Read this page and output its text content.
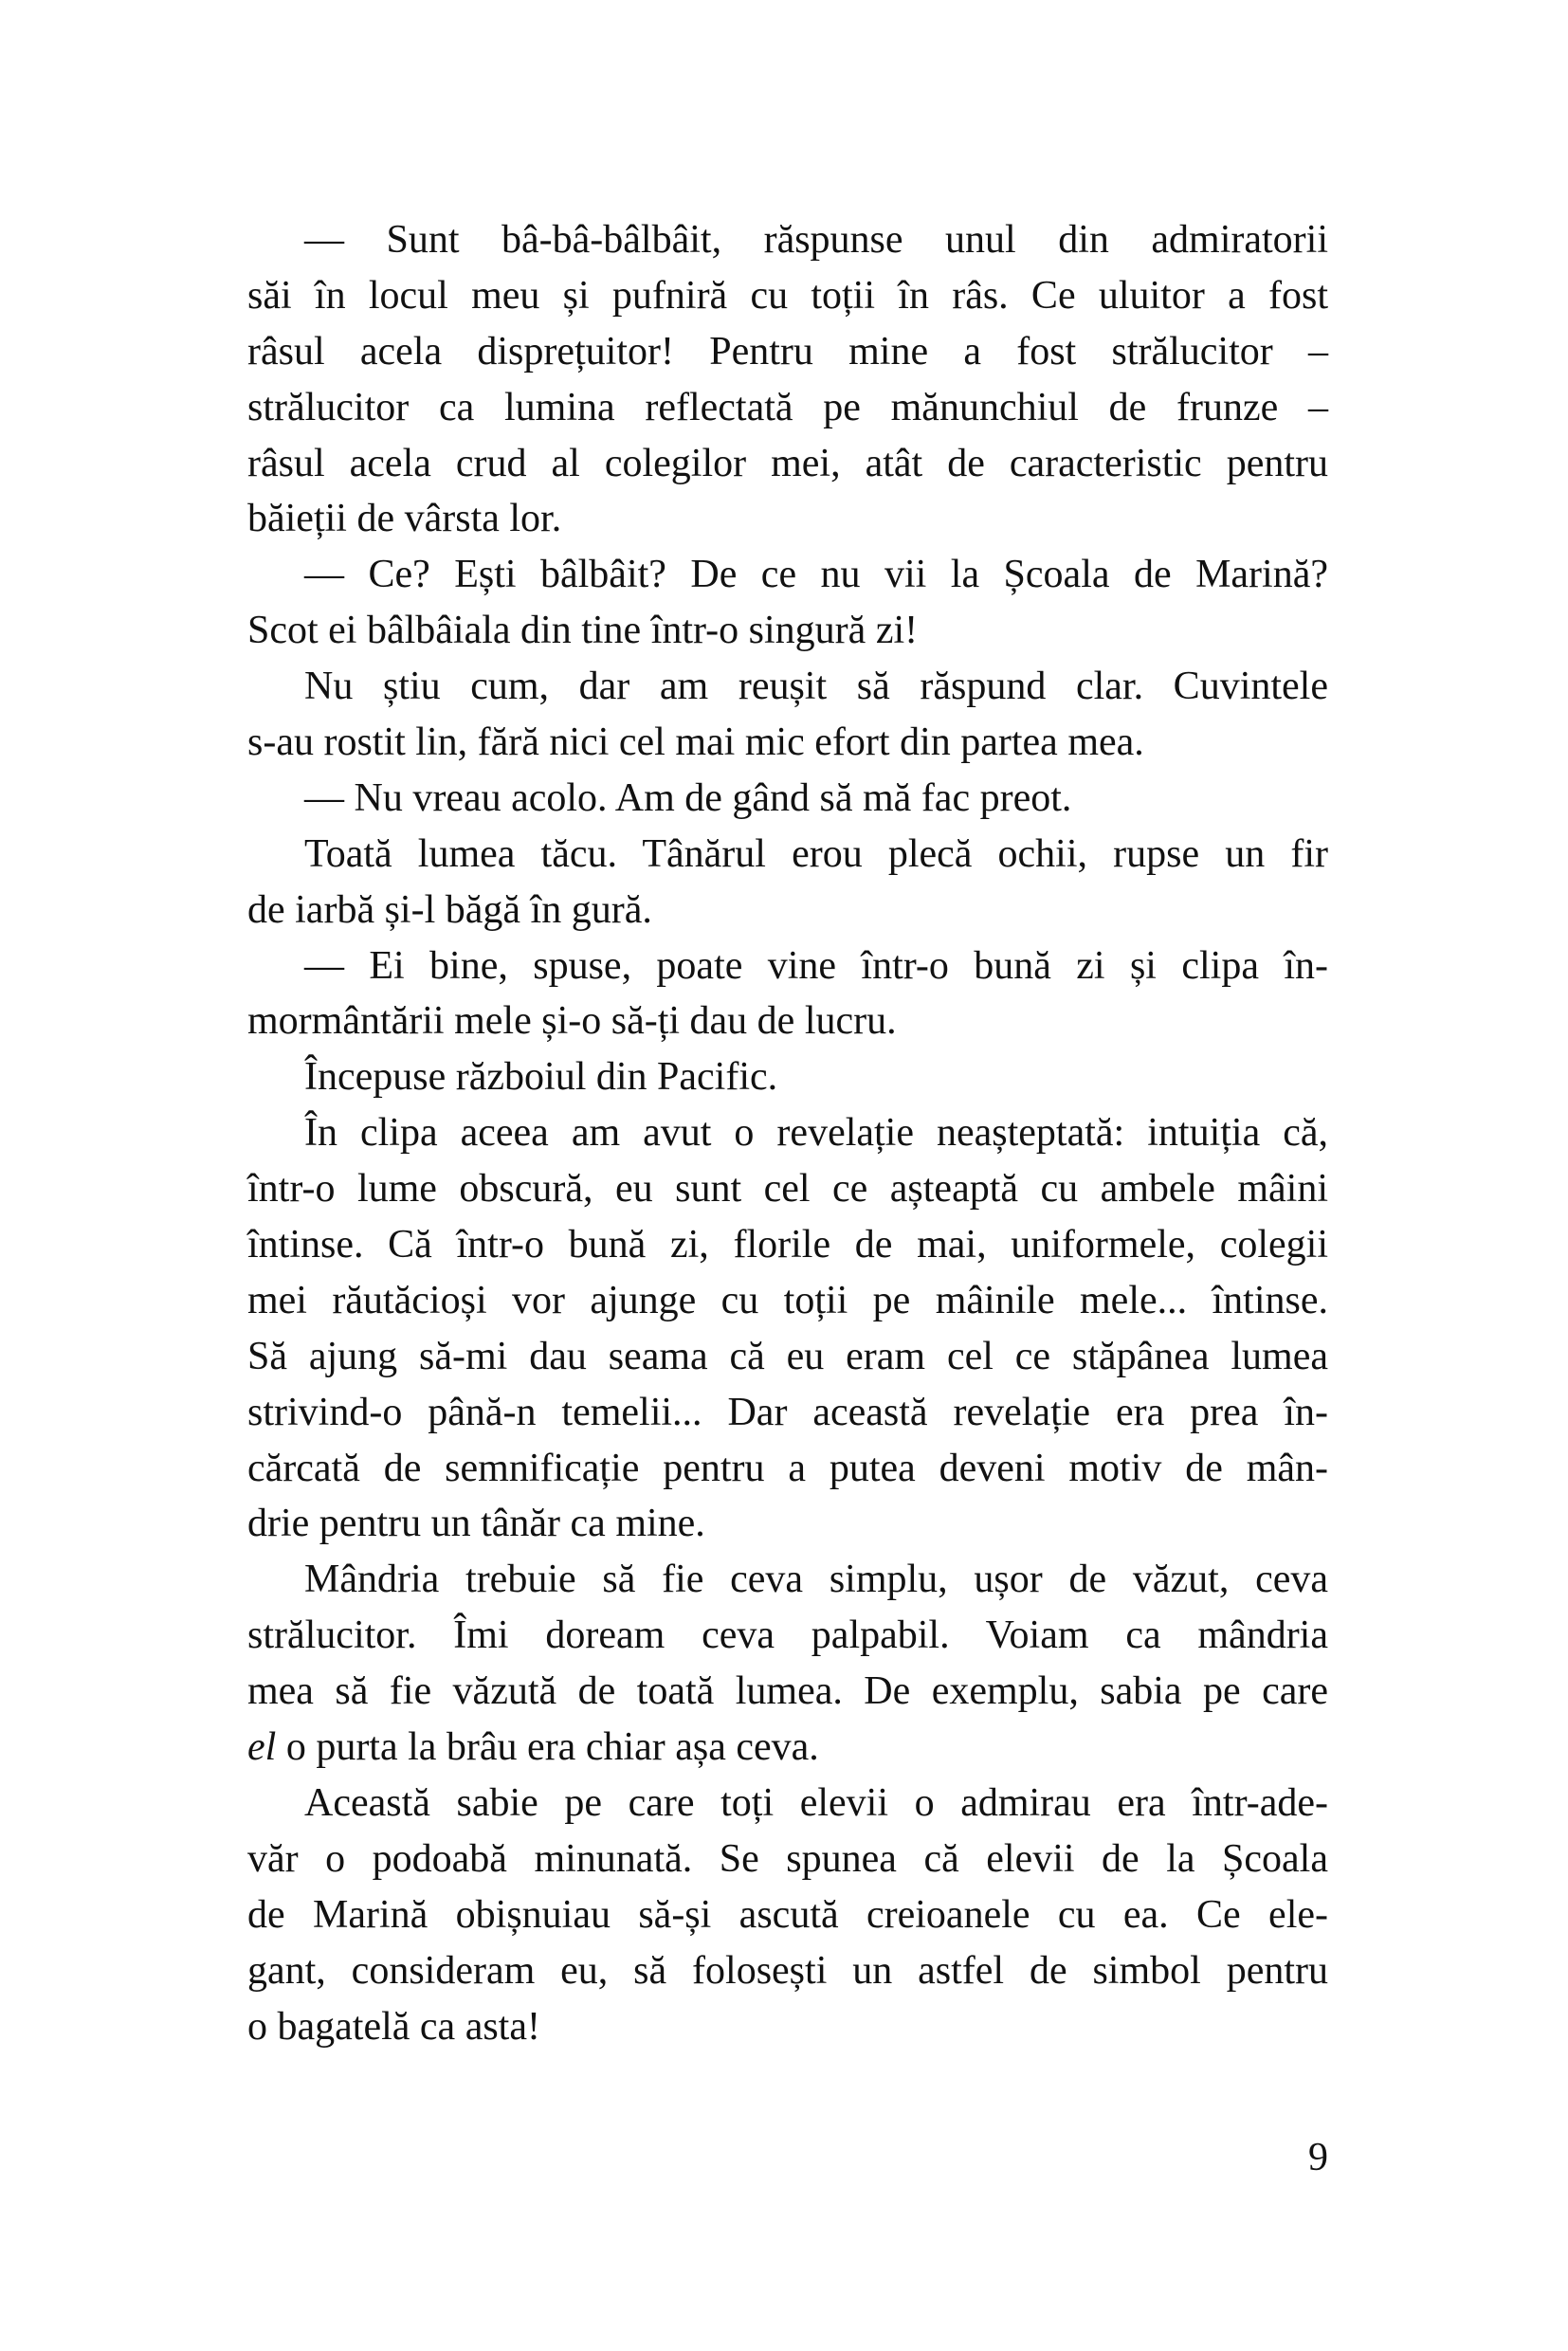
— Sunt bâ-bâ-bâlbâit, răspunse unul din admiratorii
săi în locul meu și pufniră cu toții în râs. Ce uluitor a fost
râsul acela disprețuitor! Pentru mine a fost strălucitor –
strălucitor ca lumina reflectată pe mănunchiul de frunze –
râsul acela crud al colegilor mei, atât de caracteristic pentru
băieții de vârsta lor.
— Ce? Ești bâlbâit? De ce nu vii la Școala de Marină?
Scot ei bâlbâiala din tine într-o singură zi!
Nu știu cum, dar am reușit să răspund clar. Cuvintele
s-au rostit lin, fără nici cel mai mic efort din partea mea.
— Nu vreau acolo. Am de gând să mă fac preot.
Toată lumea tăcu. Tânărul erou plecă ochii, rupse un fir
de iarbă și-l băgă în gură.
— Ei bine, spuse, poate vine într-o bună zi și clipa în-
mormântării mele și-o să-ți dau de lucru.
Începuse războiul din Pacific.
În clipa aceea am avut o revelație neașteptată: intuiția că,
într-o lume obscură, eu sunt cel ce așteaptă cu ambele mâini
întinse. Că într-o bună zi, florile de mai, uniformele, colegii
mei răutăcioși vor ajunge cu toții pe mâinile mele... întinse.
Să ajung să-mi dau seama că eu eram cel ce stăpânea lumea
strivind-o până-n temelii... Dar această revelație era prea în-
cărcată de semnificație pentru a putea deveni motiv de mân-
drie pentru un tânăr ca mine.
Mândria trebuie să fie ceva simplu, ușor de văzut, ceva
strălucitor. Îmi doream ceva palpabil. Voiam ca mândria
mea să fie văzută de toată lumea. De exemplu, sabia pe care
el o purta la brâu era chiar așa ceva.
Această sabie pe care toți elevii o admirau era într-ade-
văr o podoabă minunată. Se spunea că elevii de la Școala
de Marină obișnuiau să-și ascută creioanele cu ea. Ce ele-
gant, consideram eu, să folosești un astfel de simbol pentru
o bagatelă ca asta!
9
